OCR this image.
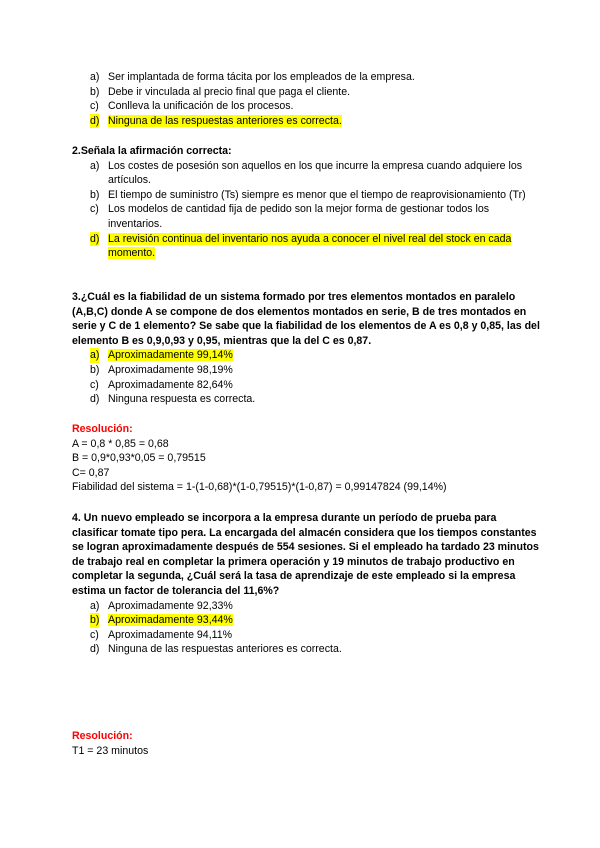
a) Ser implantada de forma tácita por los empleados de la empresa.
b) Debe ir vinculada al precio final que paga el cliente.
c) Conlleva la unificación de los procesos.
d) Ninguna de las respuestas anteriores es correcta.
2.Señala la afirmación correcta:
a) Los costes de posesión son aquellos en los que incurre la empresa cuando adquiere los artículos.
b) El tiempo de suministro (Ts) siempre es menor que el tiempo de reaprovisionamiento (Tr)
c) Los modelos de cantidad fija de pedido son la mejor forma de gestionar todos los inventarios.
d) La revisión continua del inventario nos ayuda a conocer el nivel real del stock en cada momento.
3.¿Cuál es la fiabilidad de un sistema formado por tres elementos montados en paralelo (A,B,C) donde A se compone de dos elementos montados en serie, B de tres montados en serie y C de 1 elemento? Se sabe que la fiabilidad de los elementos de A es 0,8 y 0,85, las del elemento B es 0,9,0,93 y 0,95, mientras que la del C es 0,87.
a) Aproximadamente 99,14%
b) Aproximadamente 98,19%
c) Aproximadamente 82,64%
d) Ninguna respuesta es correcta.
Resolución:
A = 0,8 * 0,85 = 0,68
B = 0,9*0,93*0,05 = 0,79515
C= 0,87
Fiabilidad del sistema = 1-(1-0,68)*(1-0,79515)*(1-0,87) = 0,99147824 (99,14%)
4. Un nuevo empleado se incorpora a la empresa durante un período de prueba para clasificar tomate tipo pera. La encargada del almacén considera que los tiempos constantes se logran aproximadamente después de 554 sesiones. Si el empleado ha tardado 23 minutos de trabajo real en completar la primera operación y 19 minutos de trabajo productivo en completar la segunda, ¿Cuál será la tasa de aprendizaje de este empleado si la empresa estima un factor de tolerancia del 11,6%?
a) Aproximadamente 92,33%
b) Aproximadamente 93,44%
c) Aproximadamente 94,11%
d) Ninguna de las respuestas anteriores es correcta.
Resolución:
T1 = 23 minutos
